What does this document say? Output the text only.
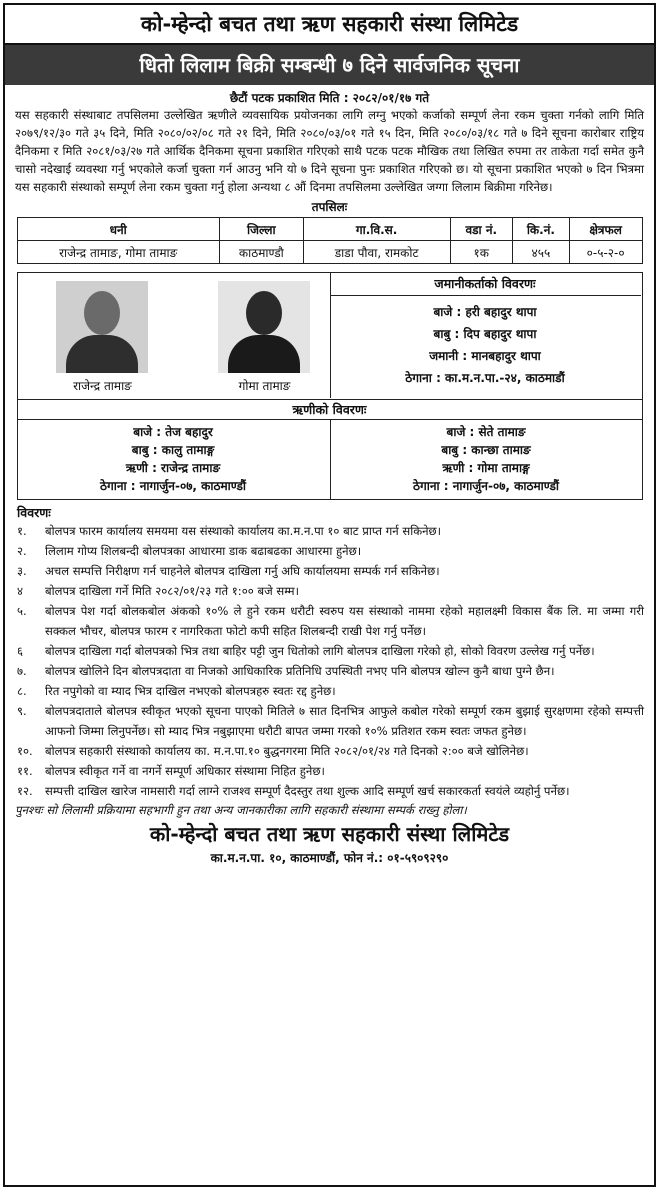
को-म्हेन्दो बचत तथा ऋण सहकारी संस्था लिमिटेड
धितो लिलाम बिक्री सम्बन्धी ७ दिने सार्वजनिक सूचना
छैटौं पटक प्रकाशित मिति : २०८२/०१/१७ गते

यस सहकारी संस्थाबाट तपसिलमा उल्लेखित ऋणीले व्यवसायिक प्रयोजनका लागि लग्नु भएको कर्जाको सम्पूर्ण लेना रकम चुक्ता गर्नको लागि मिति २०७९/१२/३० गते ३५ दिने, मिति २०८०/०२/०८ गते २१ दिने, मिति २०८०/०३/०१ गते १५ दिन, मिति २०८०/०३/१८ गते ७ दिने सूचना कारोबार राष्ट्रिय दैनिकमा र मिति २०८१/०३/२७ गते आर्थिक दैनिकमा सूचना प्रकाशित गरिएको साथै पटक पटक मौखिक तथा लिखित रुपमा तर ताकेता गर्दा समेत कुनै चासो नदेखाई व्यवस्था गर्नु भएकोले कर्जा चुक्ता गर्न आउनु भनि यो ७ दिने सूचना पुनः प्रकाशित गरिएको छ। यो सूचना प्रकाशित भएको ७ दिन भित्रमा यस सहकारी संस्थाको सम्पूर्ण लेना रकम चुक्ता गर्नु होला अन्यथा ८ औं दिनमा तपसिलमा उल्लेखित जग्गा लिलाम बिक्रीमा गरिनेछ।

तपसिलः
धनी	जिल्ला	गा.वि.स.	वडा नं.	कि.नं.	क्षेत्रफल
राजेन्द्र तामाङ, गोमा तामाङ	काठमाण्डौ	डाडा पौवा, रामकोट	१क	४५५	०-५-२-०
राजेन्द्र तामाङ	गोमा तामाङ
जमानीकर्ताको विवरणः
बाजे : हरी बहादुर थापा
बाबु : दिप बहादुर थापा
जमानी : मानबहादुर थापा
ठेगाना : का.म.न.पा.-२४, काठमाडौं
ऋणीको विवरणः
बाजे : तेज बहादुर
बाबु : कालु तामाङ्ग
ऋणी : राजेन्द्र तामाङ
ठेगाना : नागार्जुन-०७, काठमाण्डौं
बाजे : सेते तामाङ
बाबु : कान्छा तामाङ
ऋणी : गोमा तामाङ्ग
ठेगाना : नागार्जुन-०७, काठमाण्डौं
विवरणः
१.	बोलपत्र फारम कार्यालय समयमा यस संस्थाको कार्यालय का.म.न.पा १० बाट प्राप्त गर्न सकिनेछ।
२.	लिलाम गोप्य शिलबन्दी बोलपत्रका आधारमा डाक बढाबढका आधारमा हुनेछ।
३.	अचल सम्पत्ति निरीक्षण गर्न चाहनेले बोलपत्र दाखिला गर्नु अघि कार्यालयमा सम्पर्क गर्न सकिनेछ।
४	बोलपत्र दाखिला गर्ने मिति २०८२/०१/२३ गते १:०० बजे सम्म।
५.	बोलपत्र पेश गर्दा बोलकबोल अंकको १०% ले हुने रकम धरौटी स्वरुप यस संस्थाको नाममा रहेको महालक्ष्मी विकास बैंक लि. मा जम्मा गरी सक्कल भौचर, बोलपत्र फारम र नागरिकता फोटो कपी सहित शिलबन्दी राखी पेश गर्नु पर्नेछ।
६	बोलपत्र दाखिला गर्दा बोलपत्रको भित्र तथा बाहिर पट्टी जुन धितोको लागि बोलपत्र दाखिला गरेको हो, सोको विवरण उल्लेख गर्नु पर्नेछ।
७.	बोलपत्र खोलिने दिन बोलपत्रदाता वा निजको आधिकारिक प्रतिनिधि उपस्थिती नभए पनि बोलपत्र खोल्न कुनै बाधा पुग्ने छैन।
८.	रित नपुगेको वा म्याद भित्र दाखिल नभएको बोलपत्रहरु स्वतः रद्द हुनेछ।
९.	बोलपत्रदाताले बोलपत्र स्वीकृत भएको सूचना पाएको मितिले ७ सात दिनभित्र आफुले कबोल गरेको सम्पूर्ण रकम बुझाई सुरक्षणमा रहेको सम्पत्ती आफनो जिम्मा लिनुपर्नेछ। सो म्याद भित्र नबुझाएमा धरौटी बापत जम्मा गरको १०% प्रतिशत रकम स्वतः जफत हुनेछ।
१०.	बोलपत्र सहकारी संस्थाको कार्यालय का. म.न.पा.१० बुद्धनगरमा मिति २०८२/०१/२४ गते दिनको २:०० बजे खोलिनेछ।
११.	बोलपत्र स्वीकृत गर्ने वा नगर्ने सम्पूर्ण अधिकार संस्थामा निहित हुनेछ।
१२.	सम्पत्ती दाखिल खारेज नामसारी गर्दा लाग्ने राजश्व सम्पूर्ण दैदस्तुर तथा शुल्क आदि सम्पूर्ण खर्च सकारकर्ता स्वयंले व्यहोर्नु पर्नेछ।
पुनश्चः सो लिलामी प्रक्रियामा सहभागी हुन तथा अन्य जानकारीका लागि सहकारी संस्थामा सम्पर्क राख्नु होला।
को-म्हेन्दो बचत तथा ऋण सहकारी संस्था लिमिटेड
का.म.न.पा. १०, काठमाण्डौं, फोन नं.: ०१-५९०९२९०
